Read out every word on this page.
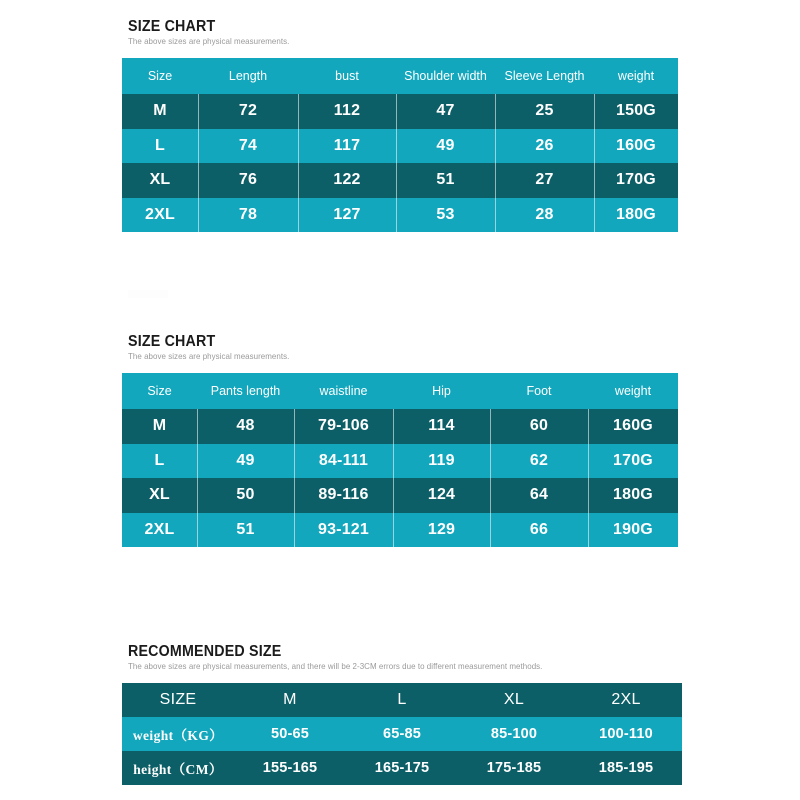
SIZE CHART
The above sizes are physical measurements.
Size	Length	bust	Shoulder width	Sleeve Length	weight
M	72	112	47	25	150G
L	74	117	49	26	160G
XL	76	122	51	27	170G
2XL	78	127	53	28	180G
SIZE CHART
The above sizes are physical measurements.
Size	Pants length	waistline	Hip	Foot	weight
M	48	79-106	114	60	160G
L	49	84-111	119	62	170G
XL	50	89-116	124	64	180G
2XL	51	93-121	129	66	190G
RECOMMENDED SIZE
The above sizes are physical measurements, and there will be 2-3CM errors due to different measurement methods.
SIZE	M	L	XL	2XL
weight（KG）	50-65	65-85	85-100	100-110
height（CM）	155-165	165-175	175-185	185-195
